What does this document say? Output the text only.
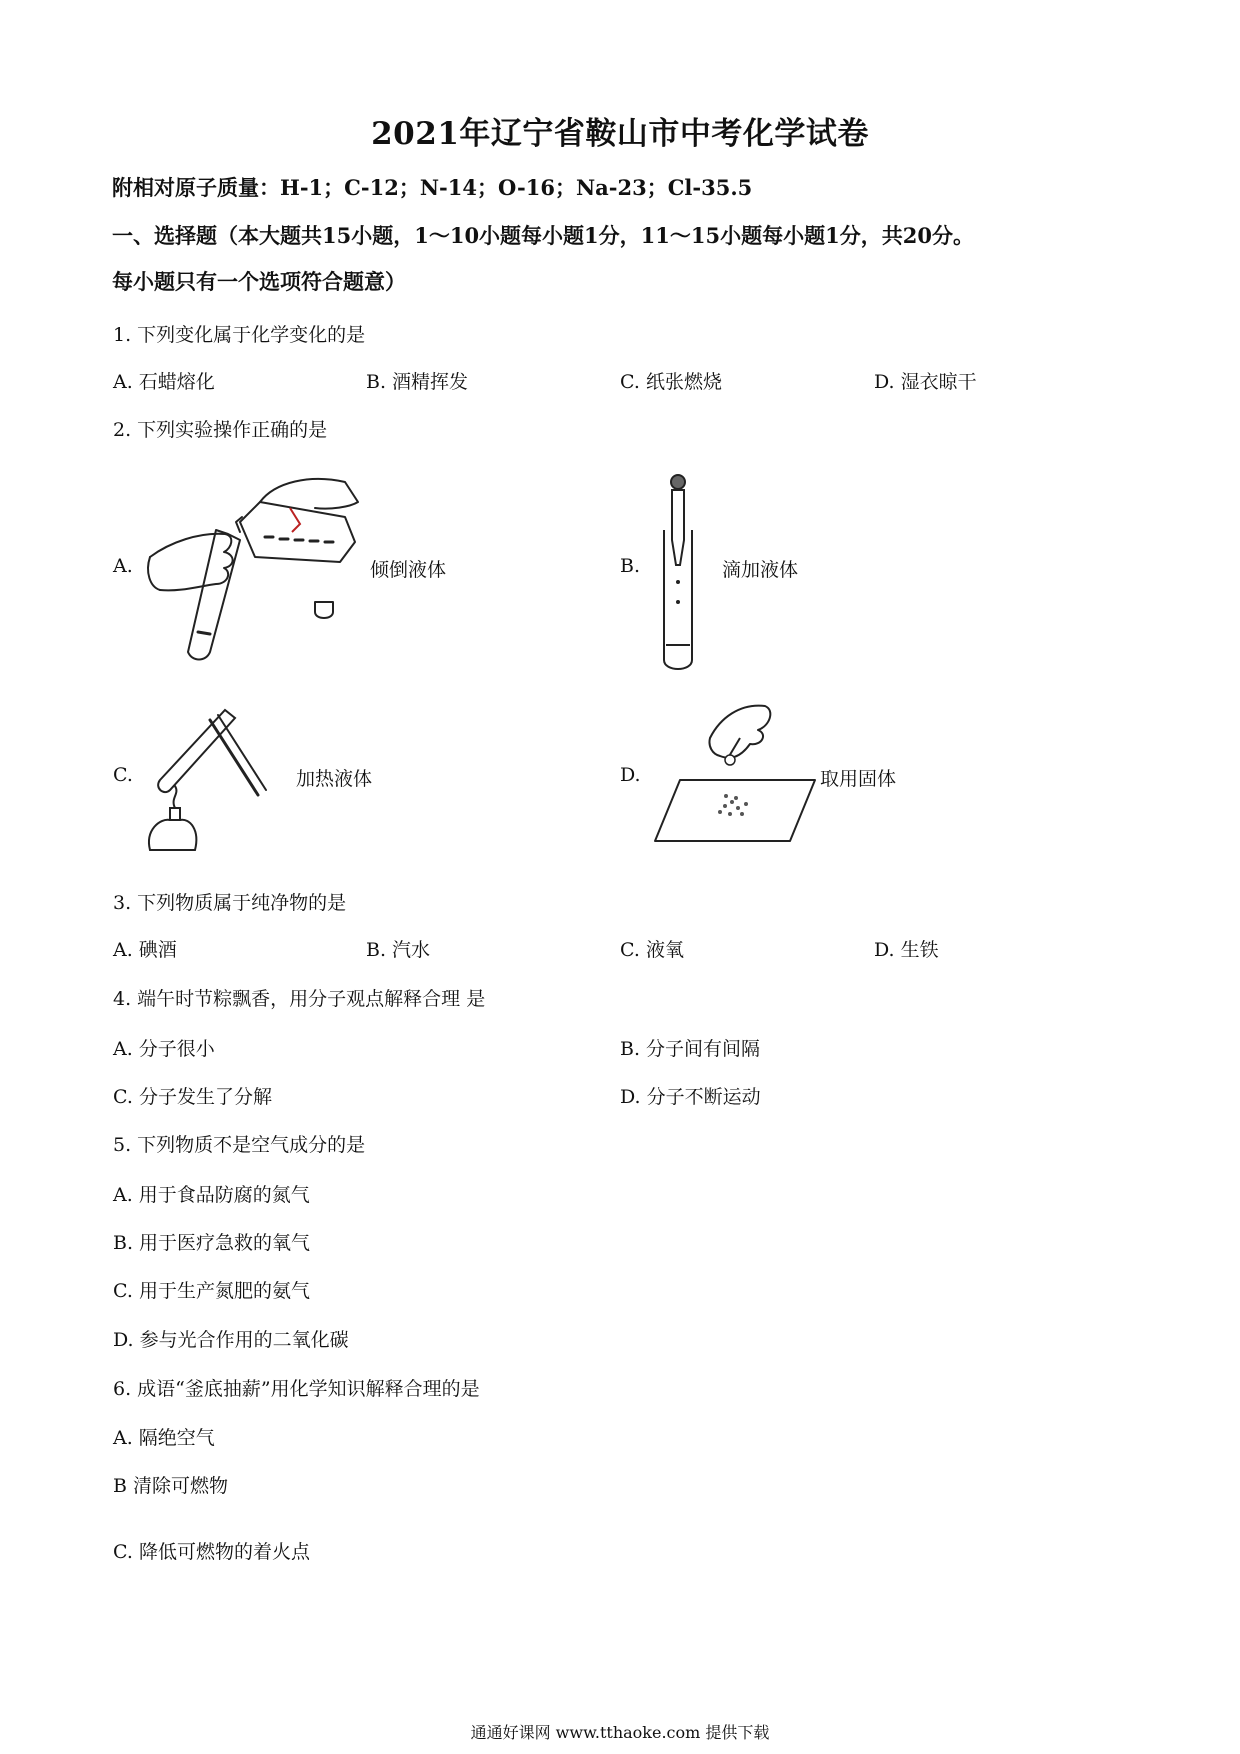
2021年辽宁省鞍山市中考化学试卷
附相对原子质量：H-1；C-12；N-14；O-16；Na-23；Cl-35.5
一、选择题（本大题共15小题，1～10小题每小题1分，11～15小题每小题1分，共20分。
每小题只有一个选项符合题意）
1. 下列变化属于化学变化的是
A. 石蜡熔化	B. 酒精挥发	C. 纸张燃烧	D. 湿衣晾干
2. 下列实验操作正确的是
A.	倾倒液体	B.	滴加液体
C.	加热液体	D.	取用固体
3. 下列物质属于纯净物的是
A. 碘酒	B. 汽水	C. 液氧	D. 生铁
4. 端午时节粽飘香，用分子观点解释合理 是
A. 分子很小	B. 分子间有间隔
C. 分子发生了分解	D. 分子不断运动
5. 下列物质不是空气成分的是
A. 用于食品防腐的氮气
B. 用于医疗急救的氧气
C. 用于生产氮肥的氨气
D. 参与光合作用的二氧化碳
6. 成语“釜底抽薪”用化学知识解释合理的是
A. 隔绝空气
B 清除可燃物
C. 降低可燃物的着火点
通通好课网 www.tthaoke.com 提供下载
